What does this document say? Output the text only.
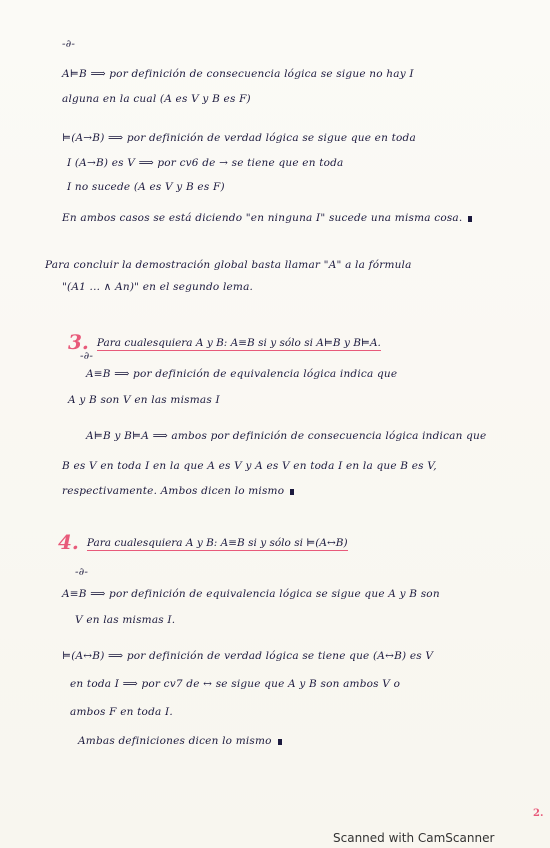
-∂-
A⊨B ⟹ por definición de consecuencia lógica se sigue no hay I
alguna en la cual (A es V y B es F)
⊨(A→B) ⟹ por definición de verdad lógica se sigue que en toda
I (A→B) es V ⟹ por cv6 de → se tiene que en toda
I no sucede (A es V y B es F)
En ambos casos se está diciendo "en ninguna I" sucede una misma cosa.
Para concluir la demostración global basta llamar "A" a la fórmula
"(A1 ... ∧ An)" en el segundo lema.
3. Para cualesquiera A y B: A≡B si y sólo si A⊨B y B⊨A.
-∂-
A≡B ⟹ por definición de equivalencia lógica indica que
A y B son V en las mismas I
A⊨B y B⊨A ⟹ ambos por definición de consecuencia lógica indican que
B es V en toda I en la que A es V y A es V en toda I en la que B es V,
respectivamente. Ambos dicen lo mismo
4. Para cualesquiera A y B: A≡B si y sólo si ⊨(A↔B)
-∂-
A≡B ⟹ por definición de equivalencia lógica se sigue que A y B son
V en las mismas I.
⊨(A↔B) ⟹ por definición de verdad lógica se tiene que (A↔B) es V
en toda I ⟹ por cv7 de ↔ se sigue que A y B son ambos V o
ambos F en toda I.
Ambas definiciones dicen lo mismo
2.
Scanned with CamScanner
